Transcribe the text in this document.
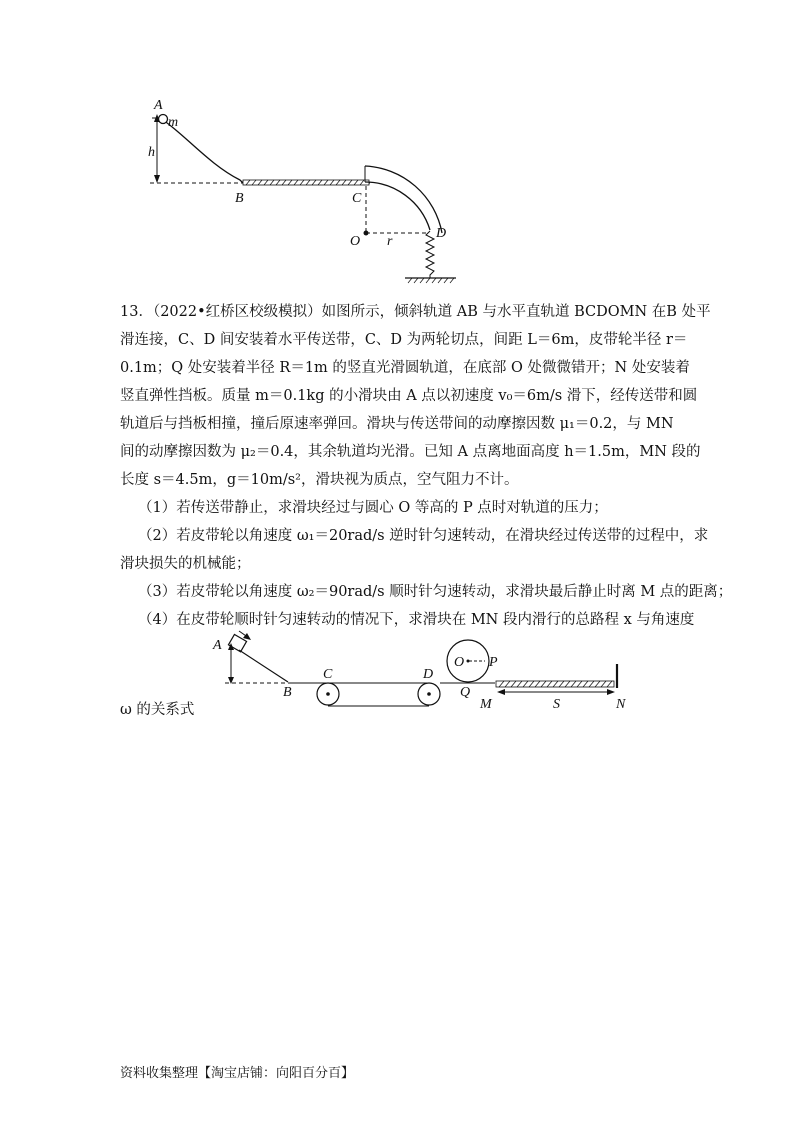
A
m
h
B	C
O r
D
13．（2022•红桥区校级模拟）如图所示，倾斜轨道 AB 与水平直轨道 BCDOMN 在B 处平
滑连接，C、D 间安装着水平传送带，C、D 为两轮切点，间距 L＝6m，皮带轮半径 r＝
0.1m；Q 处安装着半径 R＝1m 的竖直光滑圆轨道，在底部 O 处微微错开；N 处安装着
竖直弹性挡板。质量 m＝0.1kg 的小滑块由 A 点以初速度 v₀＝6m/s 滑下，经传送带和圆
轨道后与挡板相撞，撞后原速率弹回。滑块与传送带间的动摩擦因数 μ₁＝0.2，与 MN
间的动摩擦因数为 μ₂＝0.4，其余轨道均光滑。已知 A 点离地面高度 h＝1.5m，MN 段的
长度 s＝4.5m，g＝10m/s²，滑块视为质点，空气阻力不计。
（1）若传送带静止，求滑块经过与圆心 O 等高的 P 点时对轨道的压力；
（2）若皮带轮以角速度 ω₁＝20rad/s 逆时针匀速转动，在滑块经过传送带的过程中，求
滑块损失的机械能；
（3）若皮带轮以角速度 ω₂＝90rad/s 顺时针匀速转动，求滑块最后静止时离 M 点的距离；
（4）在皮带轮顺时针匀速转动的情况下，求滑块在 MN 段内滑行的总路程 x 与角速度
ω 的关系式
A
B
C	D
O P
Q
M	S	N
资料收集整理【淘宝店铺：向阳百分百】
